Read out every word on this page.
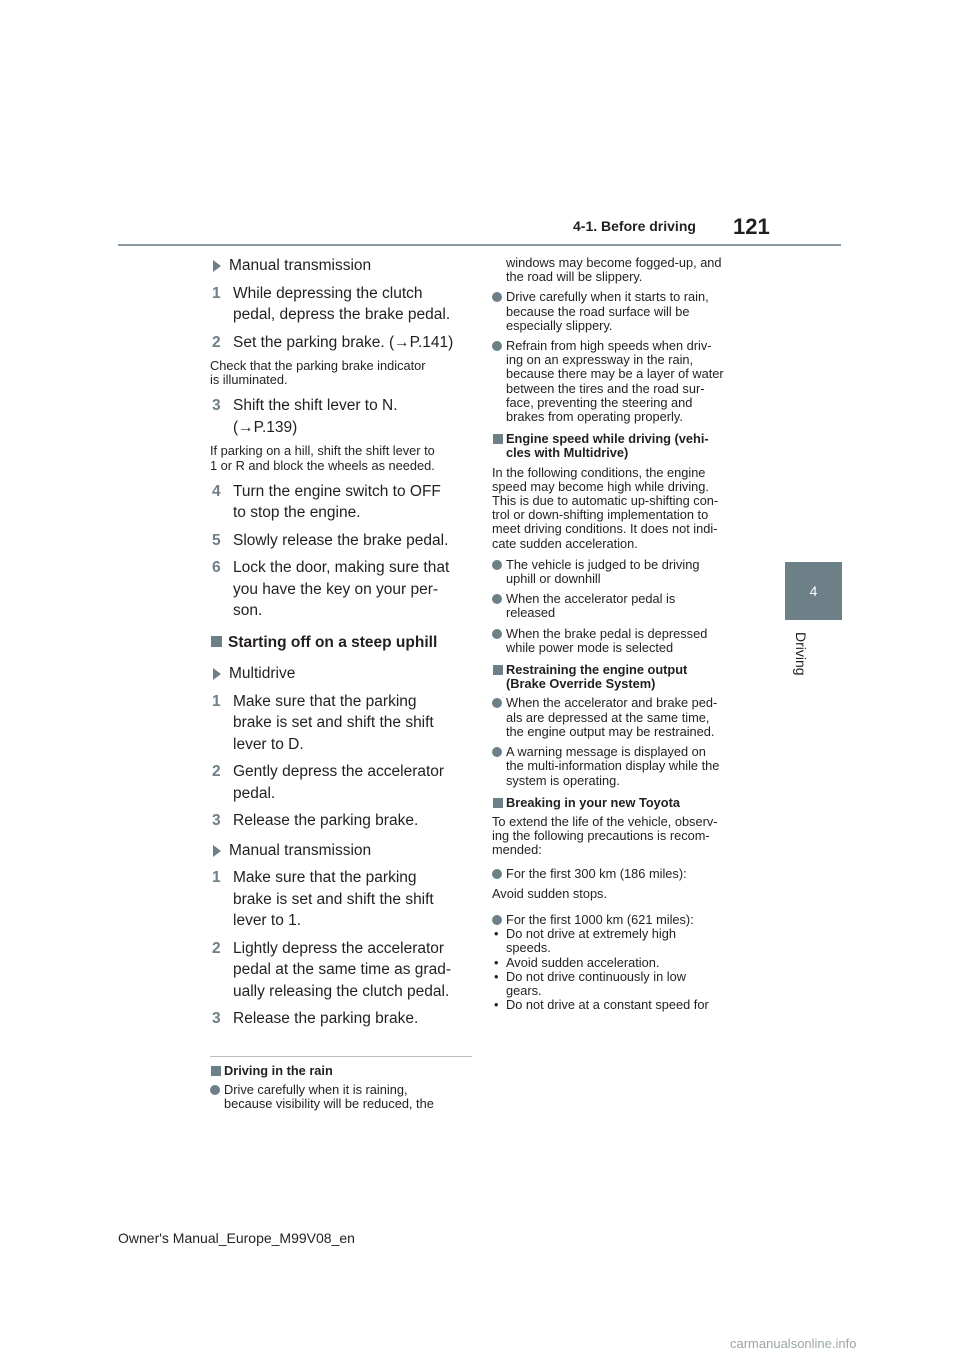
4-1. Before driving 121
4
Driving
Manual transmission
1 While depressing the clutch
pedal, depress the brake pedal.
2 Set the parking brake. (→P.141)
Check that the parking brake indicator
is illuminated.
3 Shift the shift lever to N.
(→P.139)
If parking on a hill, shift the shift lever to
1 or R and block the wheels as needed.
4 Turn the engine switch to OFF
to stop the engine.
5 Slowly release the brake pedal.
6 Lock the door, making sure that
you have the key on your per-
son.
Starting off on a steep uphill
Multidrive
1 Make sure that the parking
brake is set and shift the shift
lever to D.
2 Gently depress the accelerator
pedal.
3 Release the parking brake.
Manual transmission
1 Make sure that the parking
brake is set and shift the shift
lever to 1.
2 Lightly depress the accelerator
pedal at the same time as grad-
ually releasing the clutch pedal.
3 Release the parking brake.
Driving in the rain
Drive carefully when it is raining,
because visibility will be reduced, the
windows may become fogged-up, and
the road will be slippery.
Drive carefully when it starts to rain,
because the road surface will be
especially slippery.
Refrain from high speeds when driv-
ing on an expressway in the rain,
because there may be a layer of water
between the tires and the road sur-
face, preventing the steering and
brakes from operating properly.
Engine speed while driving (vehi-
cles with Multidrive)
In the following conditions, the engine
speed may become high while driving.
This is due to automatic up-shifting con-
trol or down-shifting implementation to
meet driving conditions. It does not indi-
cate sudden acceleration.
The vehicle is judged to be driving
uphill or downhill
When the accelerator pedal is
released
When the brake pedal is depressed
while power mode is selected
Restraining the engine output
(Brake Override System)
When the accelerator and brake ped-
als are depressed at the same time,
the engine output may be restrained.
A warning message is displayed on
the multi-information display while the
system is operating.
Breaking in your new Toyota
To extend the life of the vehicle, observ-
ing the following precautions is recom-
mended:
For the first 300 km (186 miles):
Avoid sudden stops.
For the first 1000 km (621 miles):
• Do not drive at extremely high
speeds.
• Avoid sudden acceleration.
• Do not drive continuously in low
gears.
• Do not drive at a constant speed for
Owner's Manual_Europe_M99V08_en
carmanualsonline.info
